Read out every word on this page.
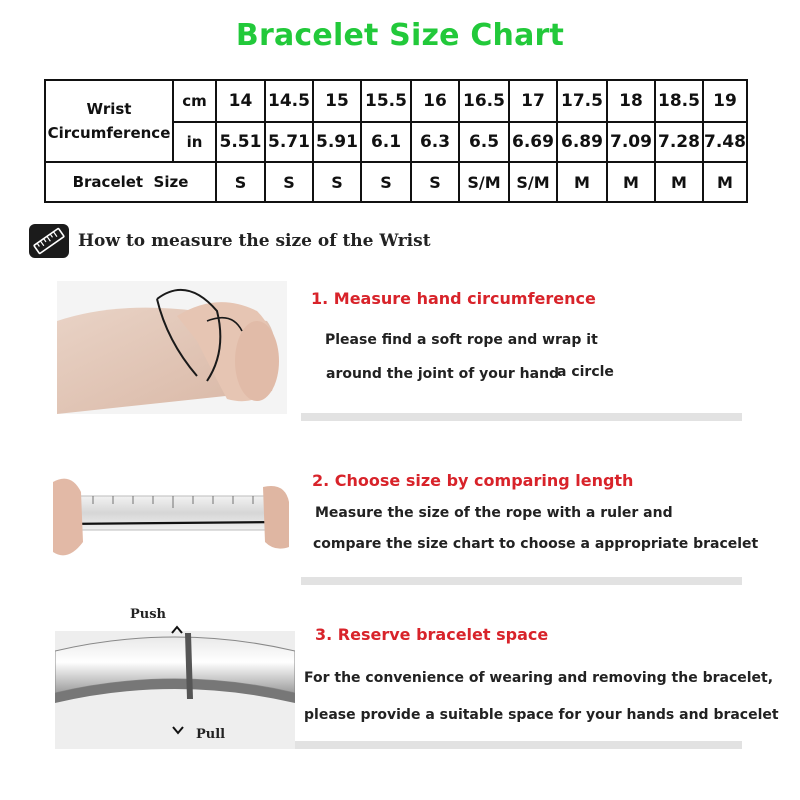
Bracelet Size Chart
Wrist
Circumference	cm	14	14.5	15	15.5	16	16.5	17	17.5	18	18.5	19
	in	5.51	5.71	5.91	6.1	6.3	6.5	6.69	6.89	7.09	7.28	7.48
Bracelet  Size		S	S	S	S	S	S/M	S/M	M	M	M	M
How to measure the size of the Wrist
1. Measure hand circumference
Please find a soft rope and wrap it
around the joint of your hand
a circle
2. Choose size by comparing length
Measure the size of the rope with a ruler and
compare the size chart to choose a appropriate bracelet
Push
Pull
3. Reserve bracelet space
For the convenience of wearing and removing the bracelet,
please provide a suitable space for your hands and bracelet
